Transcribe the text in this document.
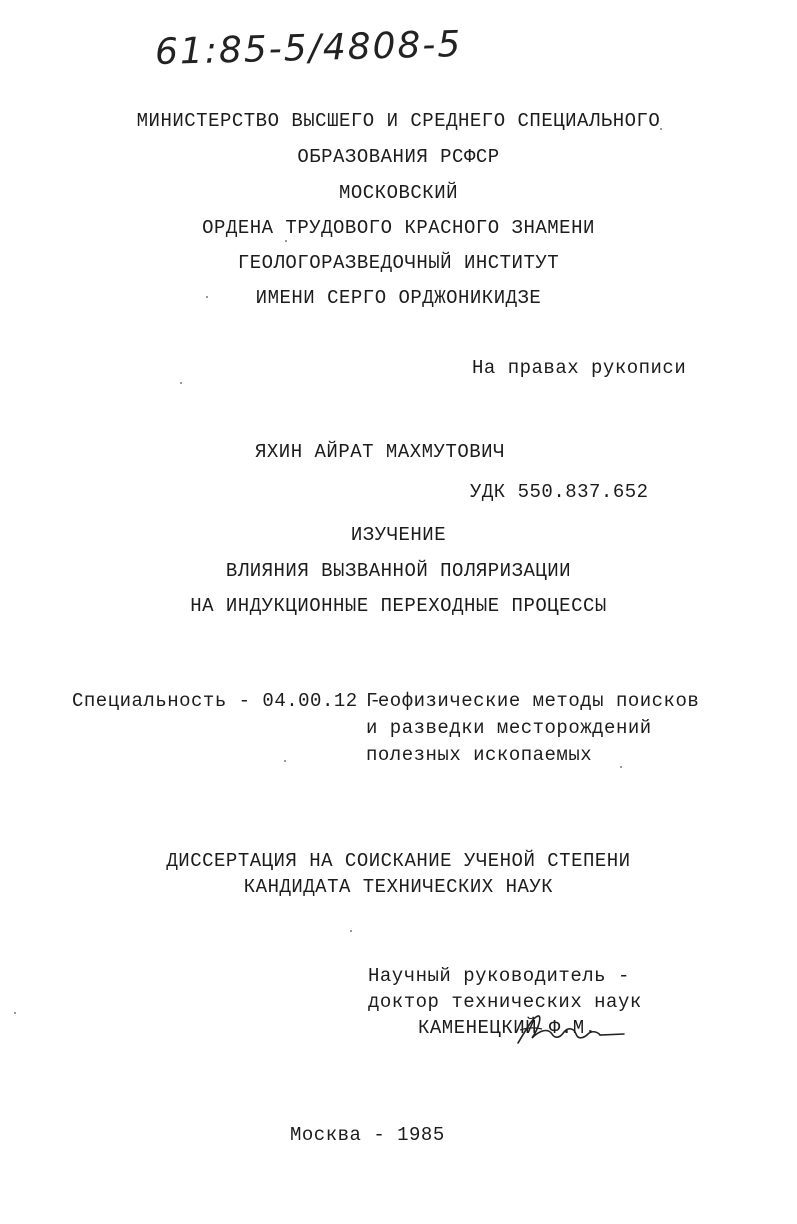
61:85-5/4808-5
МИНИСТЕРСТВО ВЫСШЕГО И СРЕДНЕГО СПЕЦИАЛЬНОГО
ОБРАЗОВАНИЯ РСФСР
МОСКОВСКИЙ
ОРДЕНА ТРУДОВОГО КРАСНОГО ЗНАМЕНИ
ГЕОЛОГОРАЗВЕДОЧНЫЙ ИНСТИТУТ
ИМЕНИ СЕРГО ОРДЖОНИКИДЗЕ
На правах рукописи
ЯХИН АЙРАТ МАХМУТОВИЧ
УДК 550.837.652
ИЗУЧЕНИЕ
ВЛИЯНИЯ ВЫЗВАННОЙ ПОЛЯРИЗАЦИИ
НА ИНДУКЦИОННЫЕ ПЕРЕХОДНЫЕ ПРОЦЕССЫ
Специальность - 04.00.12 -
Геофизические методы поисков
и разведки месторождений
полезных ископаемых
ДИССЕРТАЦИЯ НА СОИСКАНИЕ УЧЕНОЙ СТЕПЕНИ
КАНДИДАТА ТЕХНИЧЕСКИХ НАУК
Научный руководитель -
доктор технических наук
КАМЕНЕЦКИЙ Ф.М.
Москва - 1985
